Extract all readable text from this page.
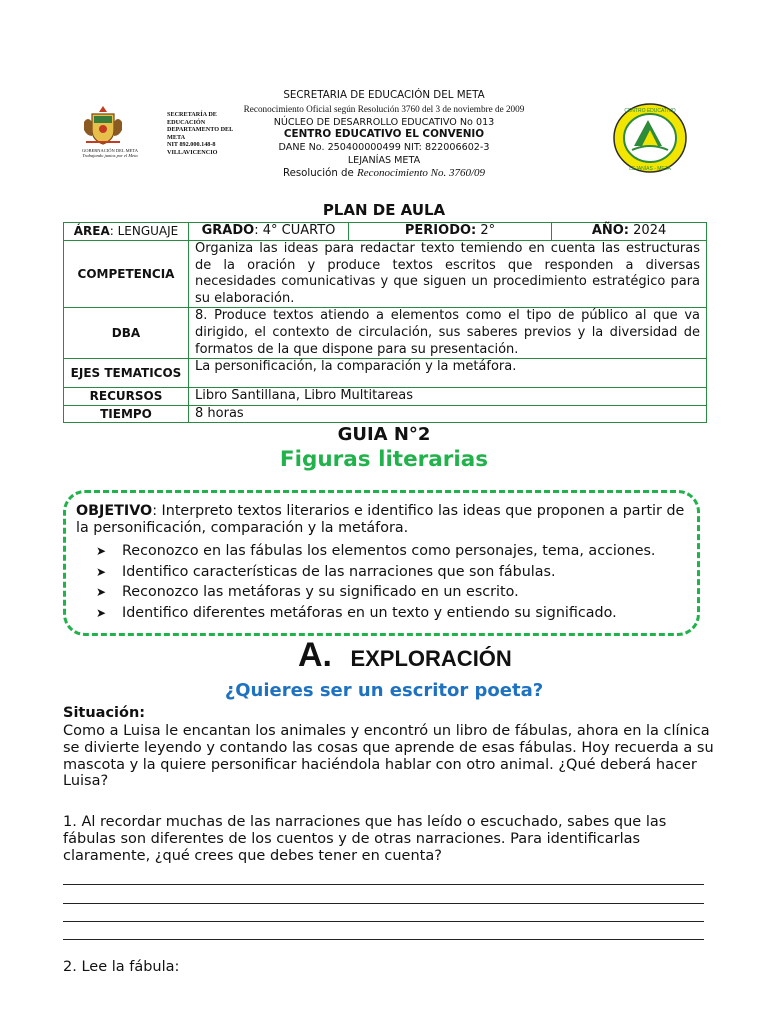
GOBERNACIÓN DEL META
Trabajando juntos por el Meta
SECRETARÍA DE EDUCACIÓN
DEPARTAMENTO DEL META
NIT 892.000.148-8
VILLAVICENCIO
CENTRO EDUCATIVO
LEJANÍAS - META
SECRETARIA DE EDUCACIÓN DEL META
Reconocimiento Oficial según Resolución 3760 del 3 de noviembre de 2009
NÚCLEO DE DESARROLLO EDUCATIVO No 013
CENTRO EDUCATIVO EL CONVENIO
DANE No. 250400000499 NIT: 822006602-3
LEJANÍAS META
Resolución de Reconocimiento No. 3760/09
PLAN DE AULA
ÁREA: LENGUAJE	GRADO: 4° CUARTO	PERIODO: 2°	AÑO: 2024
COMPETENCIA	Organiza las ideas para redactar texto temiendo en cuenta las estructuras de la oración y produce textos escritos que responden a diversas necesidades comunicativas y que siguen un procedimiento estratégico para su elaboración.		
DBA	8. Produce textos atiendo a elementos como el tipo de público al que va dirigido, el contexto de circulación, sus saberes previos y la diversidad de formatos de la que dispone para su presentación.		
EJES TEMATICOS	La personificación, la comparación y la metáfora.		
RECURSOS	Libro Santillana, Libro Multitareas		
TIEMPO	8 horas		
GUIA N°2
Figuras literarias
OBJETIVO: Interpreto textos literarios e identifico las ideas que proponen a partir de la personificación, comparación y la metáfora.
➤ Reconozco en las fábulas los elementos como personajes, tema, acciones.
➤ Identifico características de las narraciones que son fábulas.
➤ Reconozco las metáforas y su significado en un escrito.
➤ Identifico diferentes metáforas en un texto y entiendo su significado.
A. EXPLORACIÓN
¿Quieres ser un escritor poeta?
Situación:
Como a Luisa le encantan los animales y encontró un libro de fábulas, ahora en la clínica se divierte leyendo y contando las cosas que aprende de esas fábulas. Hoy recuerda a su mascota y la quiere personificar haciéndola hablar con otro animal. ¿Qué deberá hacer Luisa?
1. Al recordar muchas de las narraciones que has leído o escuchado, sabes que las fábulas son diferentes de los cuentos y de otras narraciones. Para identificarlas claramente, ¿qué crees que debes tener en cuenta?
2. Lee la fábula:
